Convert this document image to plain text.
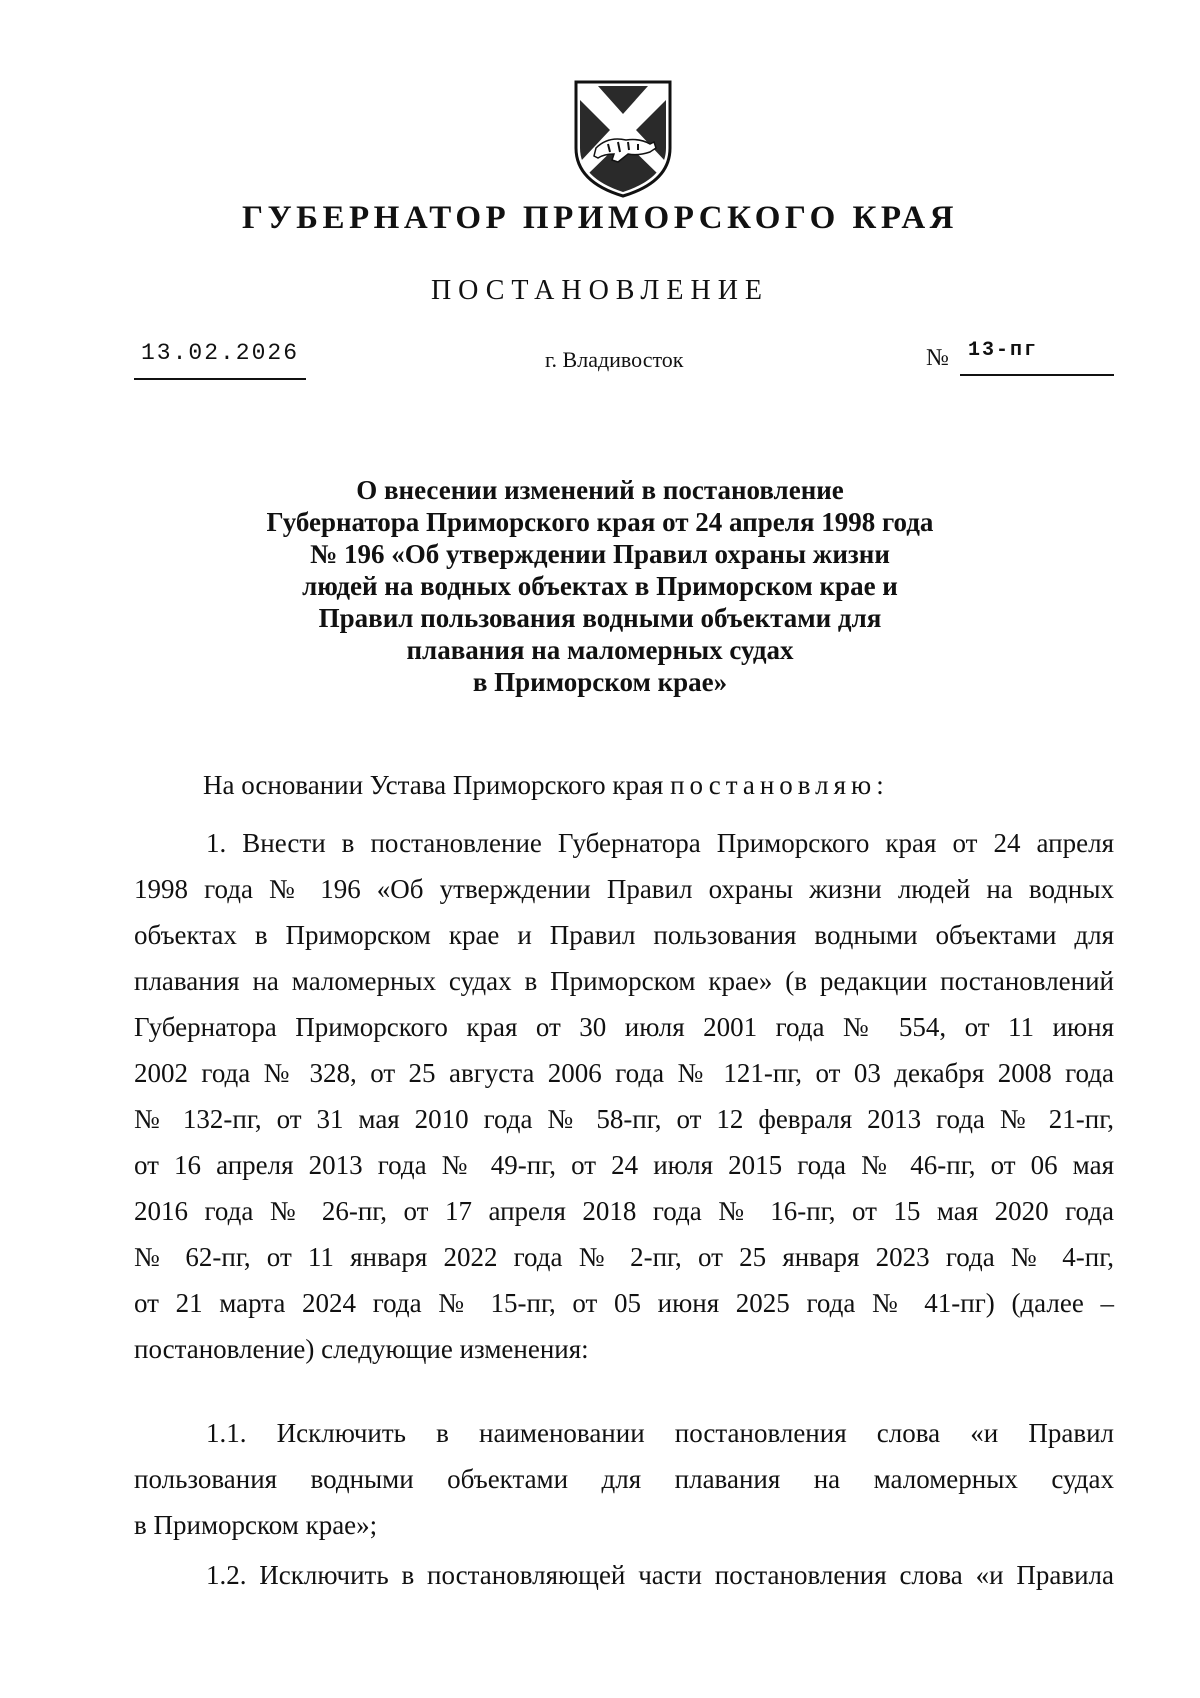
ГУБЕРНАТОР ПРИМОРСКОГО КРАЯ
ПОСТАНОВЛЕНИЕ
13.02.2026	г. Владивосток	№ 13-пг
О внесении изменений в постановление
Губернатора Приморского края от 24 апреля 1998 года
№ 196 «Об утверждении Правил охраны жизни
людей на водных объектах в Приморском крае и
Правил пользования водными объектами для
плавания на маломерных судах
в Приморском крае»
На основании Устава Приморского края постановляю:
1. Внести в постановление Губернатора Приморского края от 24 апреля
1998 года № 196 «Об утверждении Правил охраны жизни людей на водных
объектах в Приморском крае и Правил пользования водными объектами для
плавания на маломерных судах в Приморском крае» (в редакции постановлений
Губернатора Приморского края от 30 июля 2001 года № 554, от 11 июня
2002 года № 328, от 25 августа 2006 года № 121-пг, от 03 декабря 2008 года
№ 132-пг, от 31 мая 2010 года № 58-пг, от 12 февраля 2013 года № 21-пг,
от 16 апреля 2013 года № 49-пг, от 24 июля 2015 года № 46-пг, от 06 мая
2016 года № 26-пг, от 17 апреля 2018 года № 16-пг, от 15 мая 2020 года
№ 62-пг, от 11 января 2022 года № 2-пг, от 25 января 2023 года № 4-пг,
от 21 марта 2024 года № 15-пг, от 05 июня 2025 года № 41-пг) (далее –
постановление) следующие изменения:
1.1. Исключить в наименовании постановления слова «и Правил
пользования водными объектами для плавания на маломерных судах
в Приморском крае»;
1.2. Исключить в постановляющей части постановления слова «и Правила
